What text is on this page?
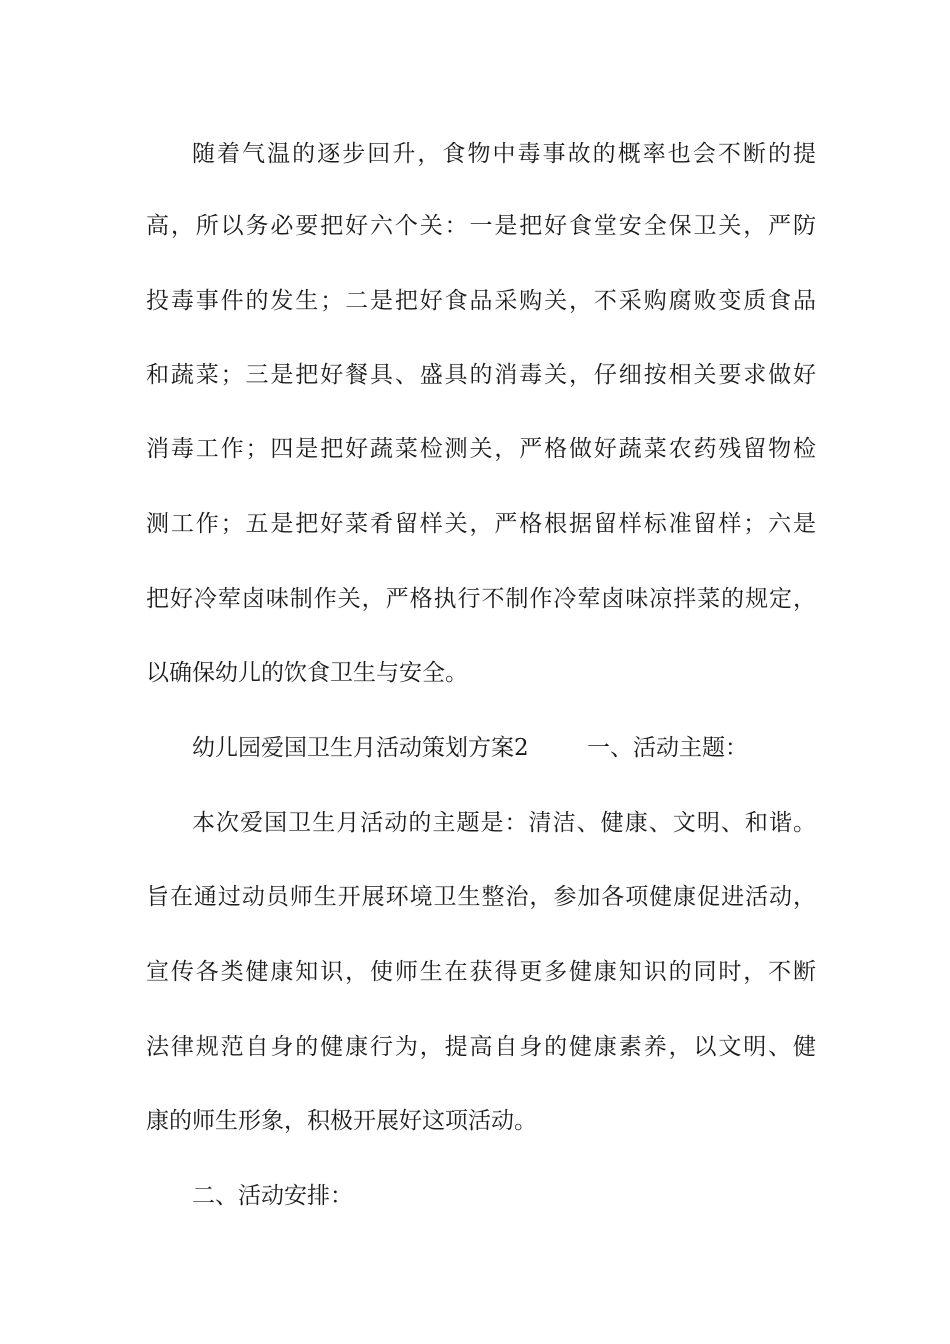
随着气温的逐步回升，食物中毒事故的概率也会不断的提
高，所以务必要把好六个关：一是把好食堂安全保卫关，严防
投毒事件的发生；二是把好食品采购关，不采购腐败变质食品
和蔬菜；三是把好餐具、盛具的消毒关，仔细按相关要求做好
消毒工作；四是把好蔬菜检测关，严格做好蔬菜农药残留物检
测工作；五是把好菜肴留样关，严格根据留样标准留样；六是
把好冷荤卤味制作关，严格执行不制作冷荤卤味凉拌菜的规定，
以确保幼儿的饮食卫生与安全。
幼儿园爱国卫生月活动策划方案2	一、活动主题：
本次爱国卫生月活动的主题是：清洁、健康、文明、和谐。
旨在通过动员师生开展环境卫生整治，参加各项健康促进活动，
宣传各类健康知识，使师生在获得更多健康知识的同时，不断
法律规范自身的健康行为，提高自身的健康素养，以文明、健
康的师生形象，积极开展好这项活动。
二、活动安排：
